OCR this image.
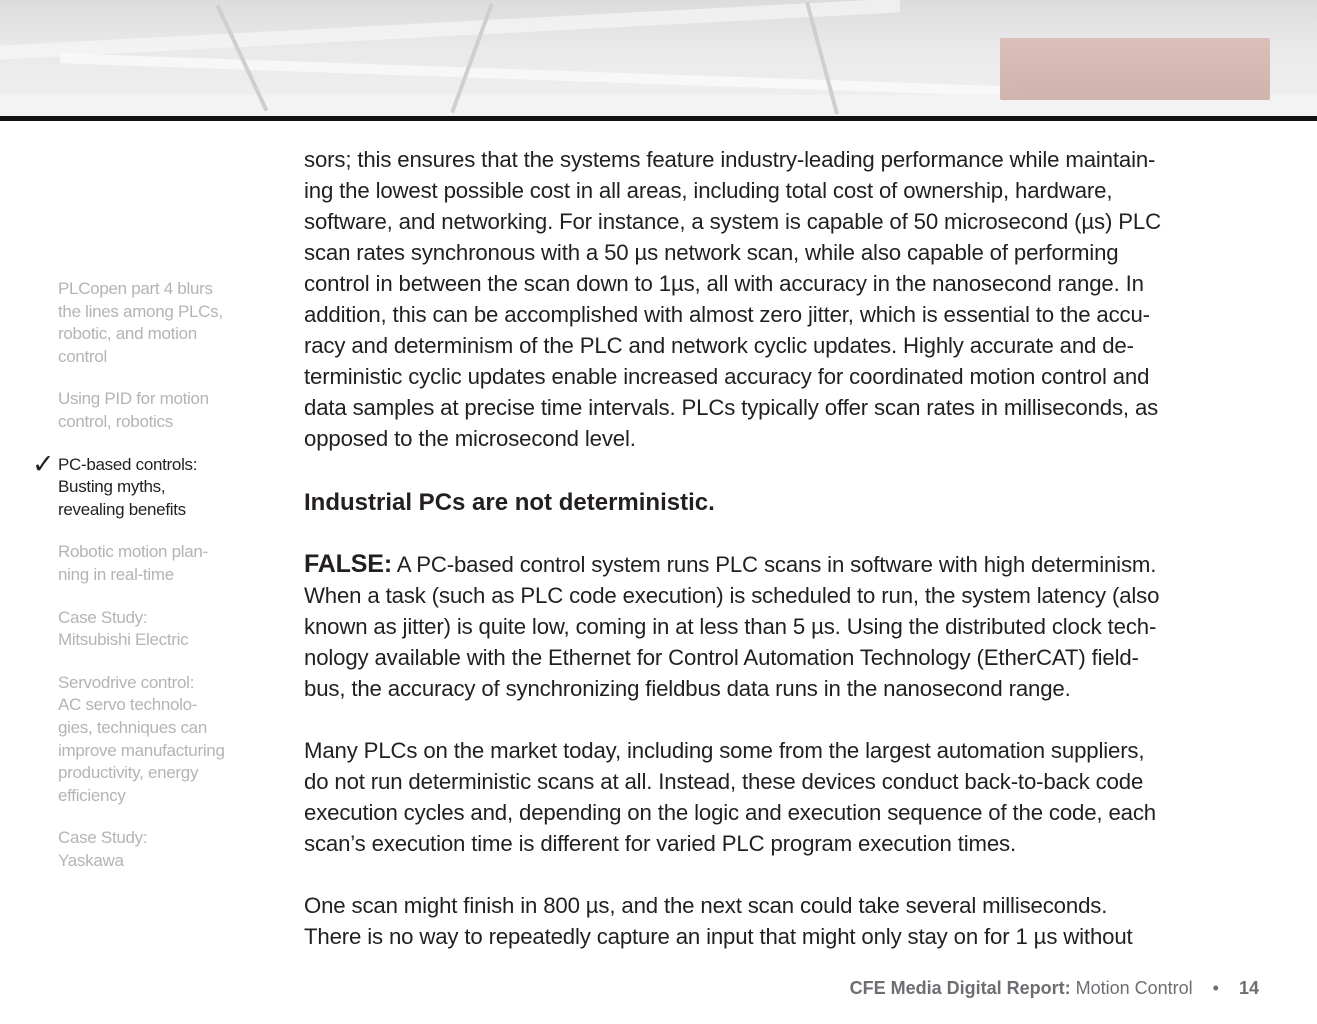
PLCopen part 4 blurs
the lines among PLCs,
robotic, and motion
control
Using PID for motion
control, robotics
✓ PC-based controls:
Busting myths,
revealing benefits
Robotic motion plan-
ning in real-time
Case Study:
Mitsubishi Electric
Servodrive control:
AC servo technolo-
gies, techniques can
improve manufacturing
productivity, energy
efficiency
Case Study:
Yaskawa

sors; this ensures that the systems feature industry-leading performance while maintain-
ing the lowest possible cost in all areas, including total cost of ownership, hardware,
software, and networking. For instance, a system is capable of 50 microsecond (µs) PLC
scan rates synchronous with a 50 µs network scan, while also capable of performing
control in between the scan down to 1µs, all with accuracy in the nanosecond range. In
addition, this can be accomplished with almost zero jitter, which is essential to the accu-
racy and determinism of the PLC and network cyclic updates. Highly accurate and de-
terministic cyclic updates enable increased accuracy for coordinated motion control and
data samples at precise time intervals. PLCs typically offer scan rates in milliseconds, as
opposed to the microsecond level.

Industrial PCs are not deterministic.

FALSE: A PC-based control system runs PLC scans in software with high determinism.
When a task (such as PLC code execution) is scheduled to run, the system latency (also
known as jitter) is quite low, coming in at less than 5 µs. Using the distributed clock tech-
nology available with the Ethernet for Control Automation Technology (EtherCAT) field-
bus, the accuracy of synchronizing fieldbus data runs in the nanosecond range.

Many PLCs on the market today, including some from the largest automation suppliers,
do not run deterministic scans at all. Instead, these devices conduct back-to-back code
execution cycles and, depending on the logic and execution sequence of the code, each
scan’s execution time is different for varied PLC program execution times.

One scan might finish in 800 µs, and the next scan could take several milliseconds.
There is no way to repeatedly capture an input that might only stay on for 1 µs without

CFE Media Digital Report: Motion Control • 14
